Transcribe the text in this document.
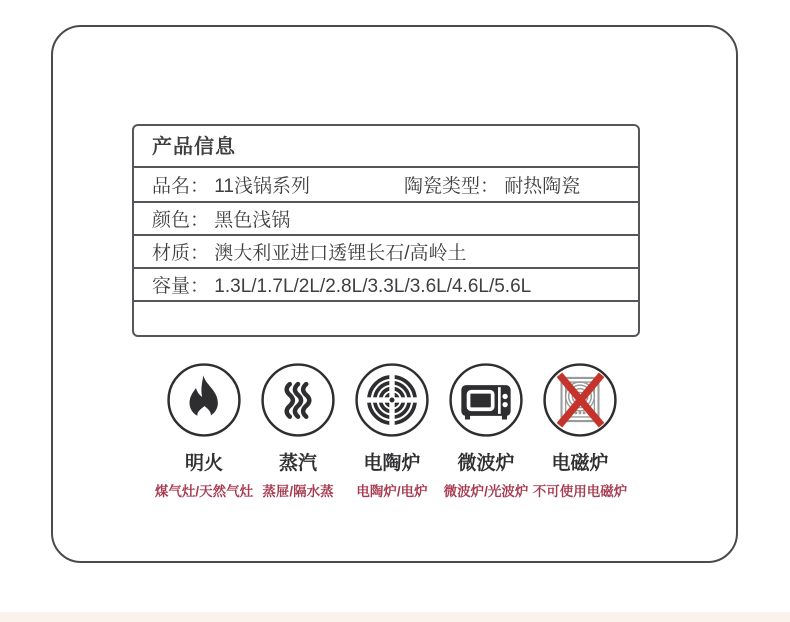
产品信息
品名： 11浅锅系列	陶瓷类型： 耐热陶瓷
颜色： 黑色浅锅
材质： 澳大利亚进口透锂长石/高岭土
容量： 1.3L/1.7L/2L/2.8L/3.3L/3.6L/4.6L/5.6L
明火
煤气灶/天然气灶
蒸汽
蒸屉/隔水蒸
电陶炉
电陶炉/电炉
微波炉
微波炉/光波炉
电磁炉
不可使用电磁炉
